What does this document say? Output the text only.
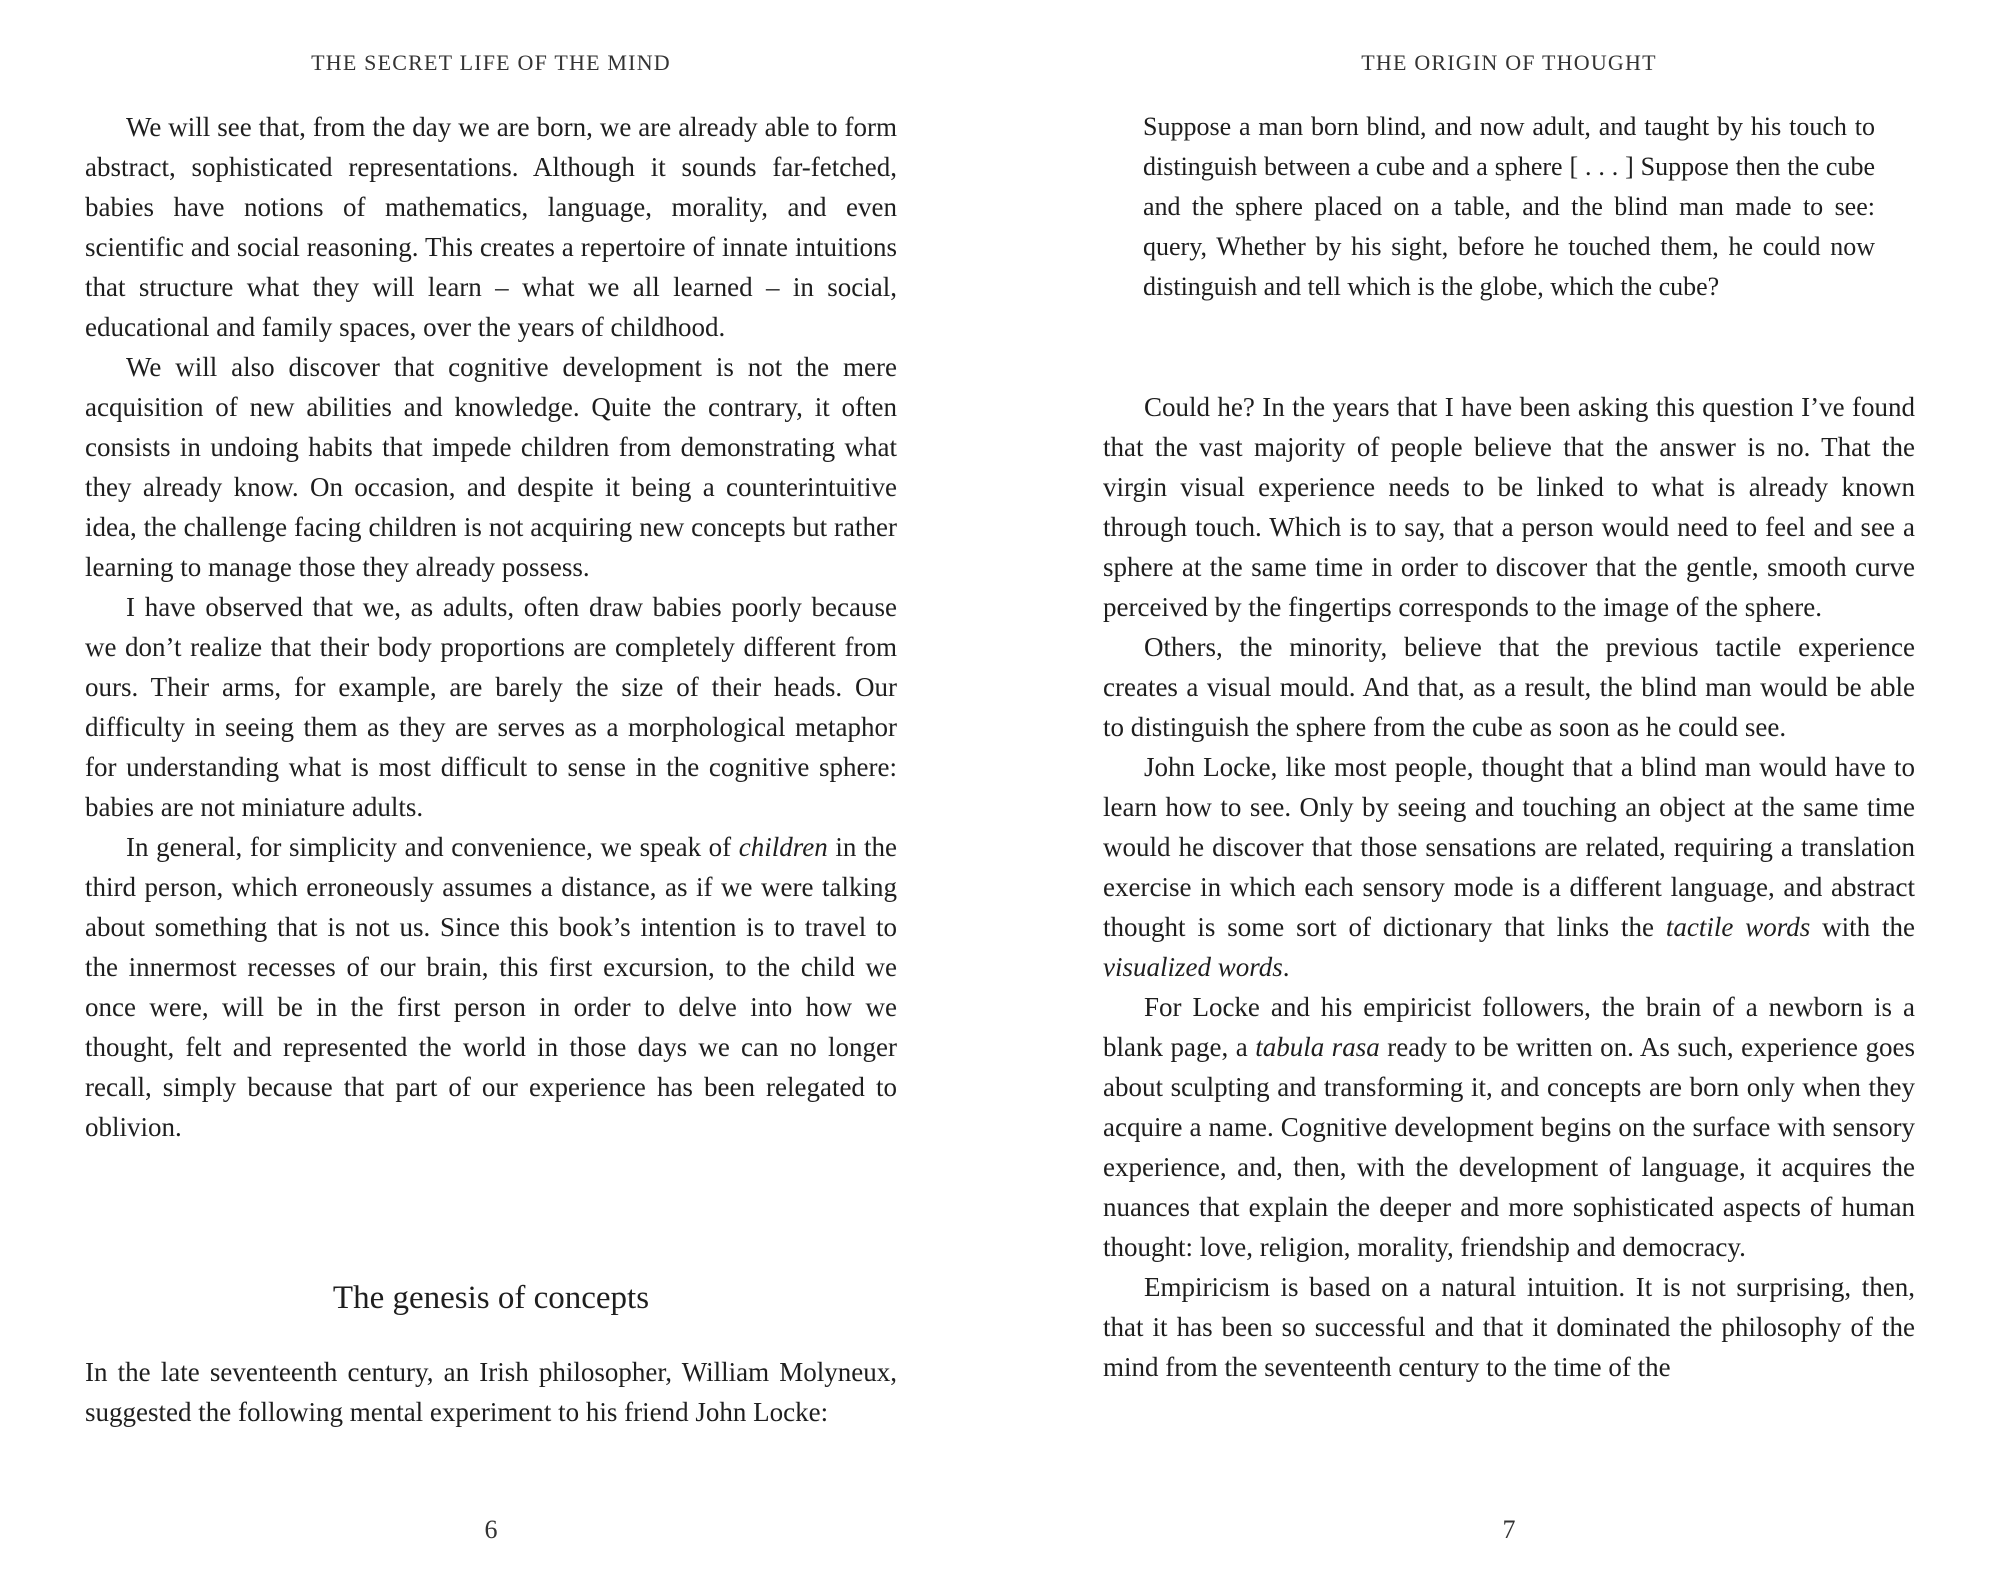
THE SECRET LIFE OF THE MIND

We will see that, from the day we are born, we are already able to form abstract, sophisticated representations. Although it sounds far-fetched, babies have notions of mathematics, language, morality, and even scientific and social reasoning. This creates a repertoire of innate intuitions that structure what they will learn – what we all learned – in social, educational and family spaces, over the years of childhood.

We will also discover that cognitive development is not the mere acquisition of new abilities and knowledge. Quite the contrary, it often consists in undoing habits that impede children from demonstrating what they already know. On occasion, and despite it being a counterintuitive idea, the challenge facing children is not acquiring new concepts but rather learning to manage those they already possess.

I have observed that we, as adults, often draw babies poorly because we don’t realize that their body proportions are completely different from ours. Their arms, for example, are barely the size of their heads. Our difficulty in seeing them as they are serves as a morphological metaphor for understanding what is most difficult to sense in the cognitive sphere: babies are not miniature adults.

In general, for simplicity and convenience, we speak of children in the third person, which erroneously assumes a distance, as if we were talking about something that is not us. Since this book’s intention is to travel to the innermost recesses of our brain, this first excursion, to the child we once were, will be in the first person in order to delve into how we thought, felt and represented the world in those days we can no longer recall, simply because that part of our experience has been relegated to oblivion.

The genesis of concepts

In the late seventeenth century, an Irish philosopher, William Molyneux, suggested the following mental experiment to his friend John Locke:

6
THE ORIGIN OF THOUGHT

Suppose a man born blind, and now adult, and taught by his touch to distinguish between a cube and a sphere [ . . . ] Suppose then the cube and the sphere placed on a table, and the blind man made to see: query, Whether by his sight, before he touched them, he could now distinguish and tell which is the globe, which the cube?

Could he? In the years that I have been asking this question I’ve found that the vast majority of people believe that the answer is no. That the virgin visual experience needs to be linked to what is already known through touch. Which is to say, that a person would need to feel and see a sphere at the same time in order to discover that the gentle, smooth curve perceived by the fingertips corresponds to the image of the sphere.

Others, the minority, believe that the previous tactile experience creates a visual mould. And that, as a result, the blind man would be able to distinguish the sphere from the cube as soon as he could see.

John Locke, like most people, thought that a blind man would have to learn how to see. Only by seeing and touching an object at the same time would he discover that those sensations are related, requiring a translation exercise in which each sensory mode is a different language, and abstract thought is some sort of dictionary that links the tactile words with the visualized words.

For Locke and his empiricist followers, the brain of a newborn is a blank page, a tabula rasa ready to be written on. As such, experience goes about sculpting and transforming it, and concepts are born only when they acquire a name. Cognitive development begins on the surface with sensory experience, and, then, with the development of language, it acquires the nuances that explain the deeper and more sophisticated aspects of human thought: love, religion, morality, friendship and democracy.

Empiricism is based on a natural intuition. It is not surprising, then, that it has been so successful and that it dominated the philosophy of the mind from the seventeenth century to the time of the

7
